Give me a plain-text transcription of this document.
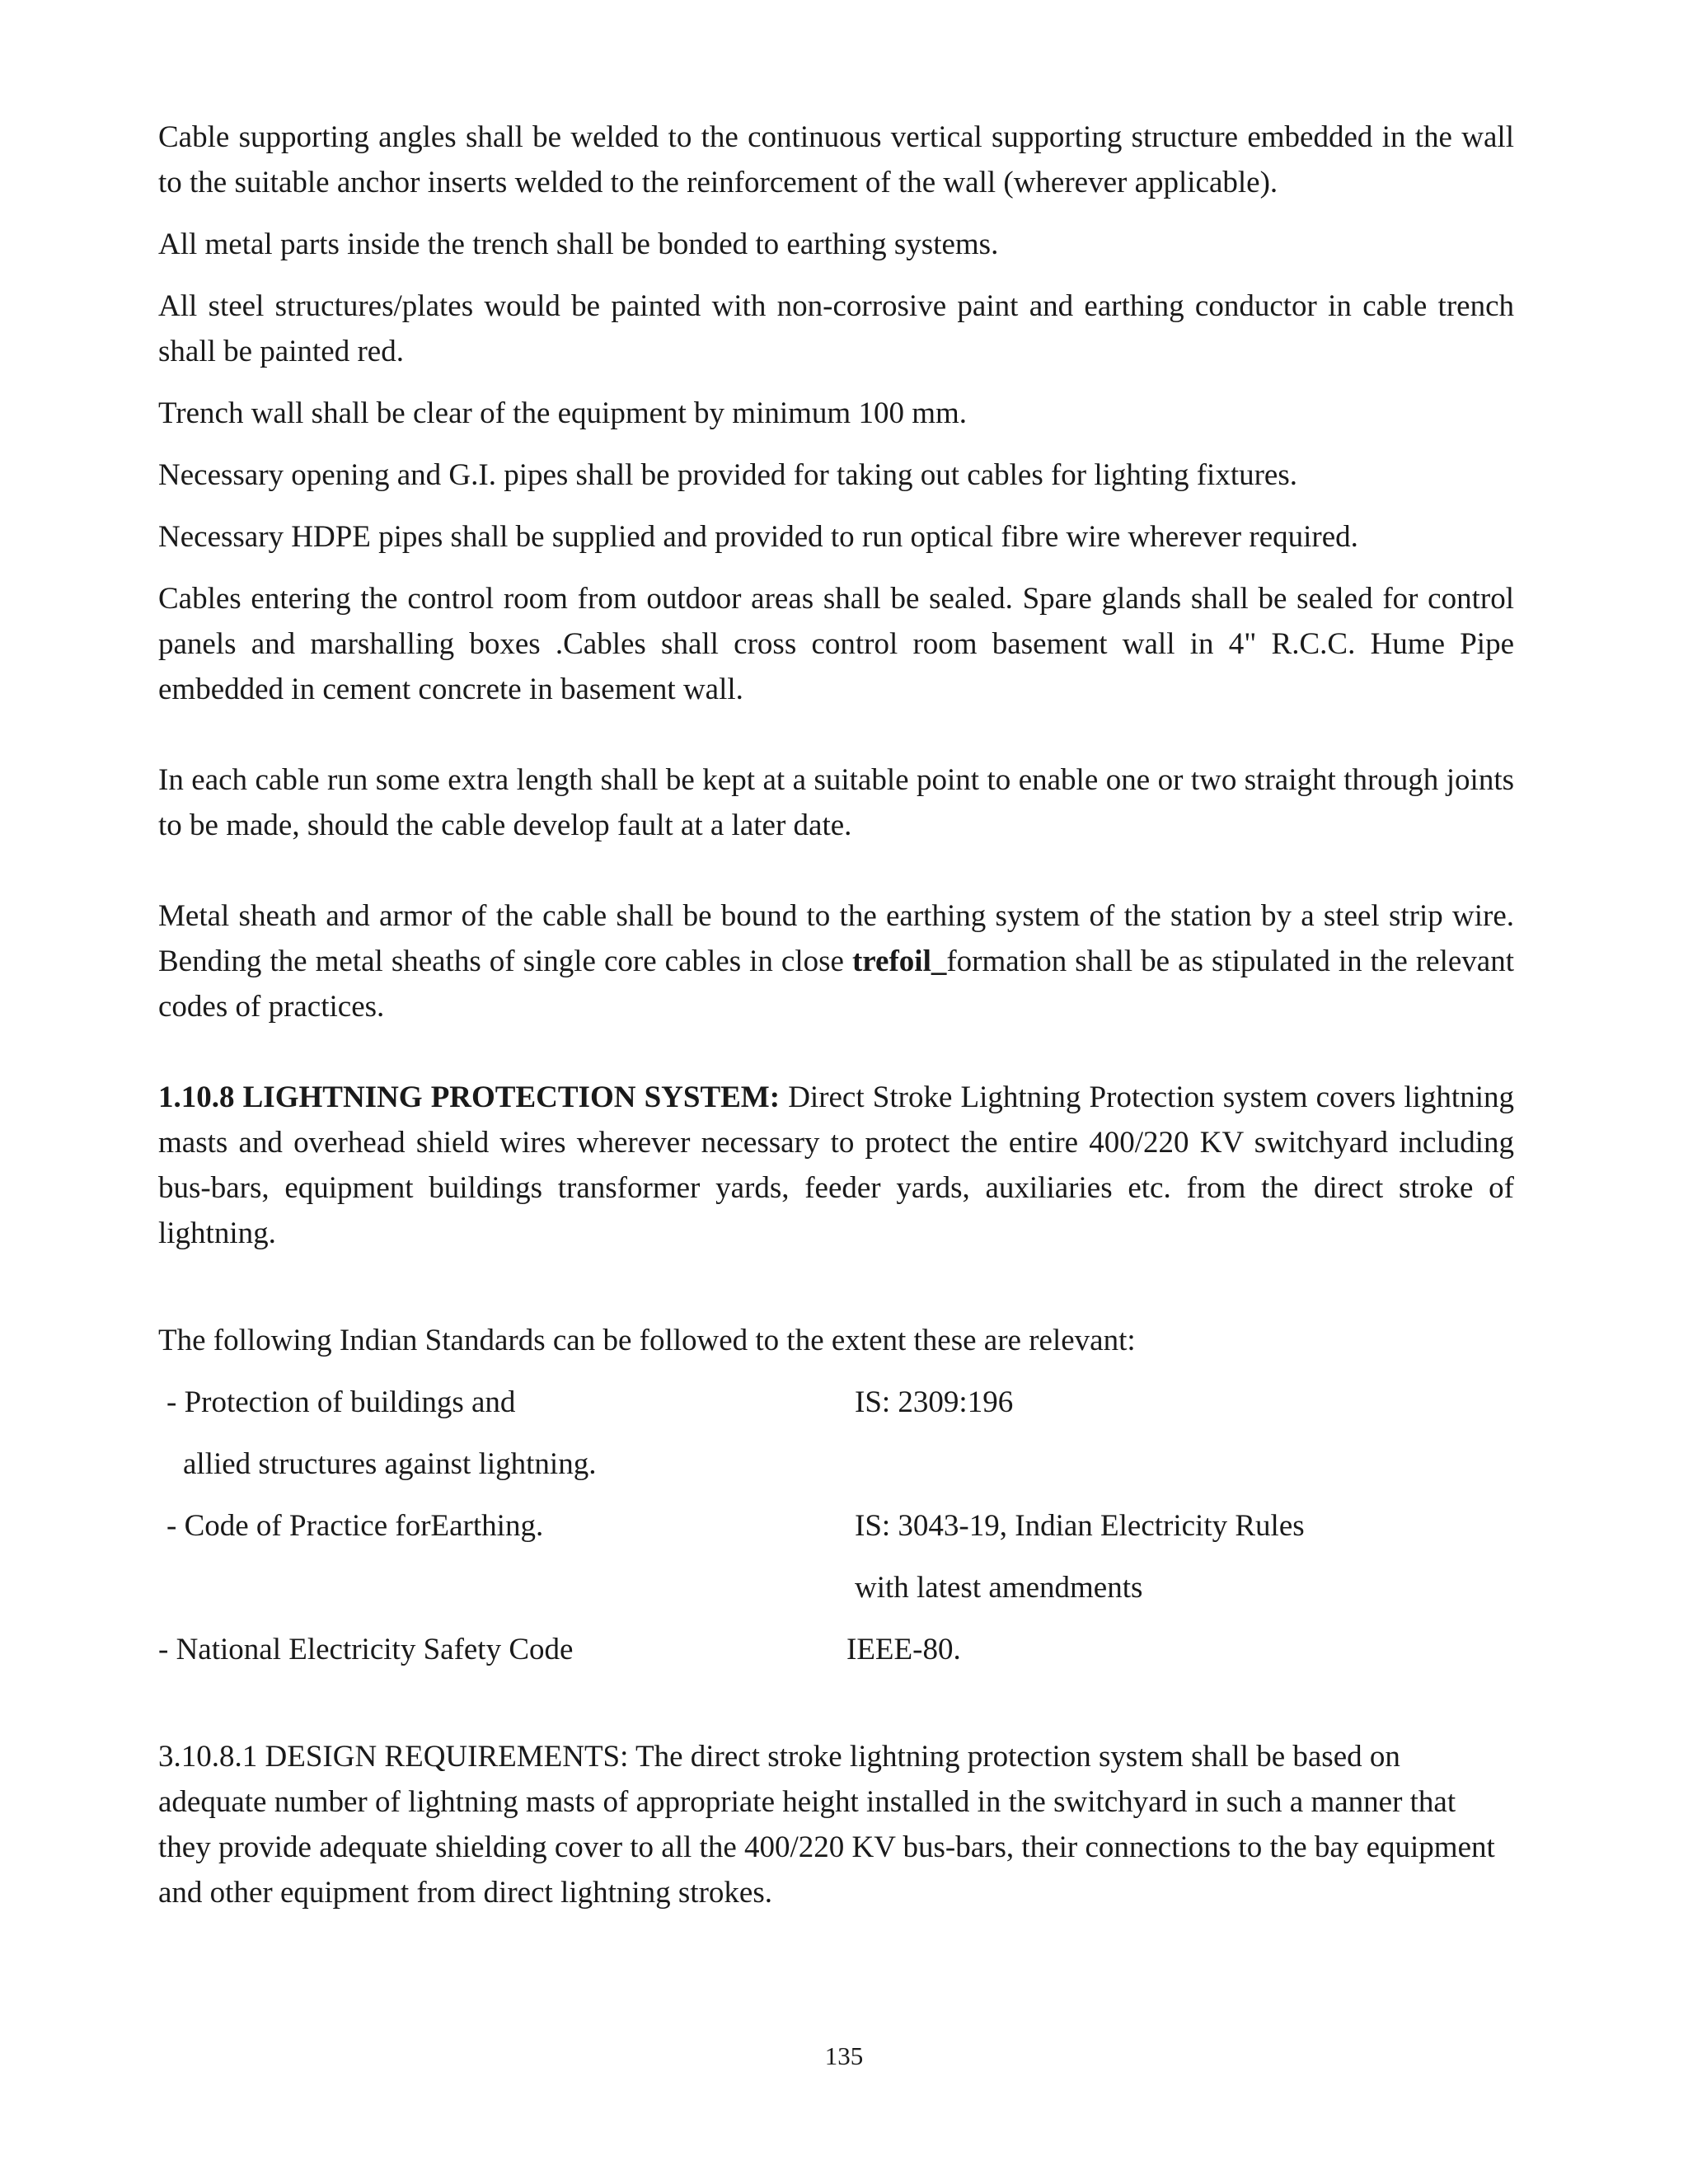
Cable supporting angles shall be welded to the continuous vertical supporting structure embedded in the wall to the suitable anchor inserts welded to the reinforcement of the wall (wherever applicable).

All metal parts inside the trench shall be bonded to earthing systems.

All steel structures/plates would be painted with non-corrosive paint and earthing conductor in cable trench shall be painted red.

Trench wall shall be clear of the equipment by minimum 100 mm.

Necessary opening and G.I. pipes shall be provided for taking out cables for lighting fixtures.

Necessary HDPE pipes shall be supplied and provided to run optical fibre wire wherever required.

Cables entering the control room from outdoor areas shall be sealed. Spare glands shall be sealed for control panels and marshalling boxes .Cables shall cross control room basement wall in 4" R.C.C. Hume Pipe embedded in cement concrete in basement wall.

In each cable run some extra length shall be kept at a suitable point to enable one or two straight through joints to be made, should the cable develop fault at a later date.

Metal sheath and armor of the cable shall be bound to the earthing system of the station by a steel strip wire. Bending the metal sheaths of single core cables in close trefoil_formation shall be as stipulated in the relevant codes of practices.

1.10.8 LIGHTNING PROTECTION SYSTEM: Direct Stroke Lightning Protection system covers lightning masts and overhead shield wires wherever necessary to protect the entire 400/220 KV switchyard including bus-bars, equipment buildings transformer yards, feeder yards, auxiliaries etc. from the direct stroke of lightning.

The following Indian Standards can be followed to the extent these are relevant:

- Protection of buildings and	IS: 2309:196
allied structures against lightning.
- Code of Practice forEarthing.	IS: 3043-19, Indian Electricity Rules
with latest amendments
- National Electricity Safety Code	IEEE-80.

3.10.8.1 DESIGN REQUIREMENTS: The direct stroke lightning protection system shall be based on adequate number of lightning masts of appropriate height installed in the switchyard in such a manner that they provide adequate shielding cover to all the 400/220 KV bus-bars, their connections to the bay equipment and other equipment from direct lightning strokes.

135
